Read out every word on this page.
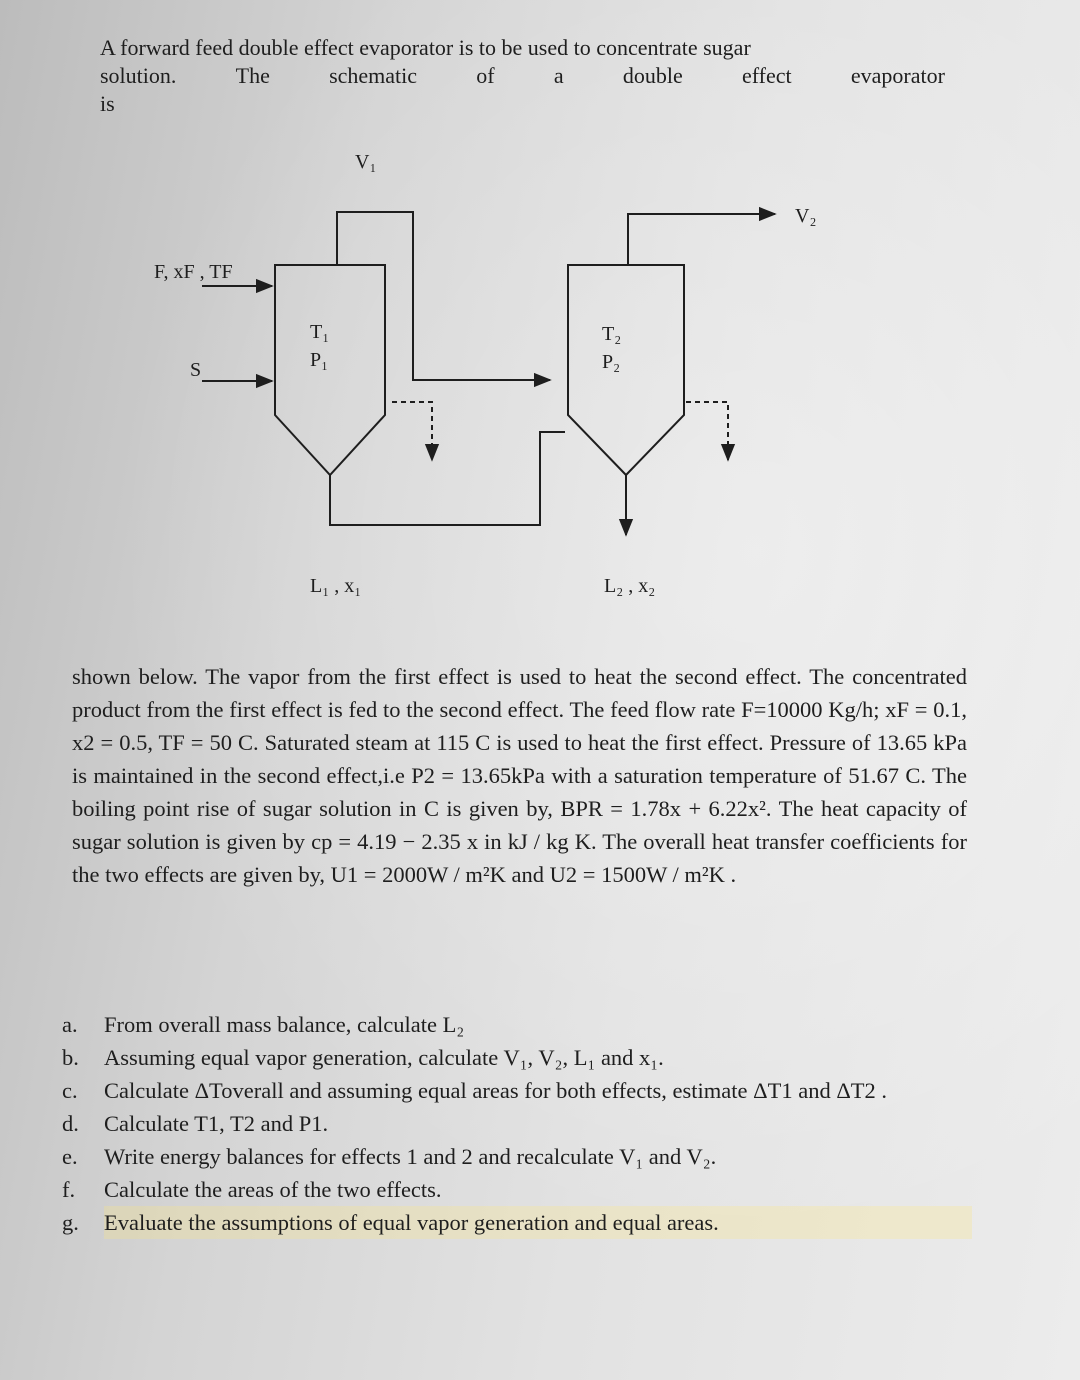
A forward feed double effect evaporator is to be used to concentrate sugar
solution.	The	schematic	of	a	double	effect	evaporator
is
V₁
V₂
F, xF , TF
S
T₁
P₁
T₂
P₂
L₁ , x₁	L₂ , x₂

shown below. The vapor from the first effect is used to heat the second effect. The concentrated product from the first effect is fed to the second effect. The feed flow rate F=10000 Kg/h; xF = 0.1, x2 = 0.5, TF = 50 C. Saturated steam at 115 C is used to heat the first effect. Pressure of 13.65 kPa is maintained in the second effect,i.e P2 = 13.65kPa with a saturation temperature of 51.67 C. The boiling point rise of sugar solution in C is given by, BPR = 1.78x + 6.22x². The heat capacity of sugar solution is given by cp = 4.19 − 2.35 x in kJ / kg K. The overall heat transfer coefficients for the two effects are given by, U1 = 2000W / m²K and U2 = 1500W / m²K .

a.	From overall mass balance, calculate L₂
b.	Assuming equal vapor generation, calculate V₁, V₂, L₁ and x₁.
c.	Calculate ΔToverall and assuming equal areas for both effects, estimate ΔT1 and ΔT2 .
d.	Calculate T1, T2 and P1.
e.	Write energy balances for effects 1 and 2 and recalculate V₁ and V₂.
f.	Calculate the areas of the two effects.
g.	Evaluate the assumptions of equal vapor generation and equal areas.
